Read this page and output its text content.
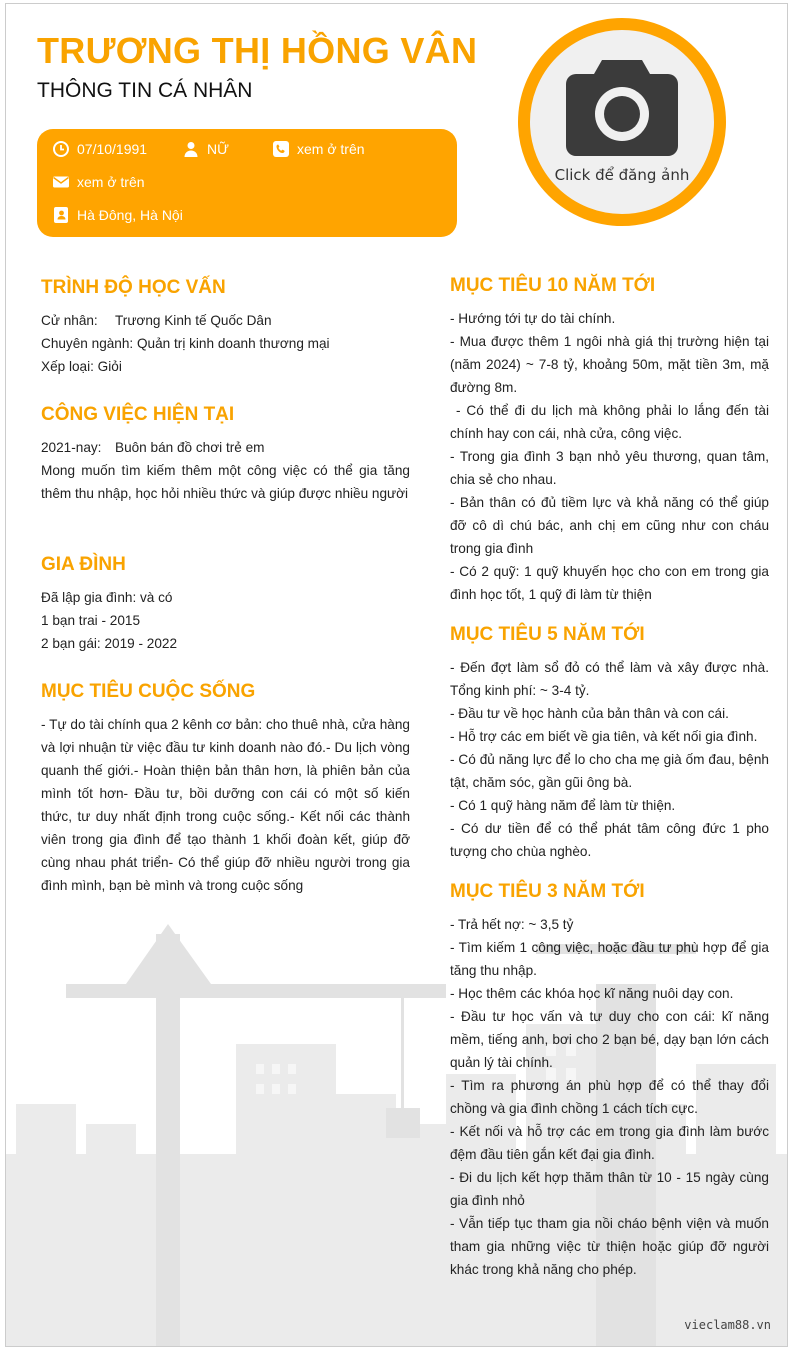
TRƯƠNG THỊ HỒNG VÂN
THÔNG TIN CÁ NHÂN
07/10/1991	NỮ	xem ở trên
xem ở trên
Hà Đông, Hà Nội
Click để đăng ảnh
TRÌNH ĐỘ HỌC VẤN
Cử nhân:	Trương Kinh tế Quốc Dân

Chuyên ngành: Quản trị kinh doanh thương mại

Xếp loại: Giỏi

CÔNG VIỆC HIỆN TẠI
2021-nay: Buôn bán đồ chơi trẻ em

Mong muốn tìm kiếm thêm một công việc có thể gia tăng thêm thu nhập, học hỏi nhiều thức và giúp được nhiều người

GIA ĐÌNH

Đã lập gia đình: và có

1 bạn trai - 2015

2 bạn gái: 2019 - 2022

MỤC TIÊU CUỘC SỐNG

- Tự do tài chính qua 2 kênh cơ bản: cho thuê nhà, cửa hàng và lợi nhuận từ việc đầu tư kinh doanh nào đó.- Du lịch vòng quanh thế giới.- Hoàn thiện bản thân hơn, là phiên bản của mình tốt hơn- Đầu tư, bồi dưỡng con cái có một số kiến thức, tư duy nhất định trong cuộc sống.- Kết nối các thành viên trong gia đình để tạo thành 1 khối đoàn kết, giúp đỡ cùng nhau phát triển- Có thể giúp đỡ nhiều người trong gia đình mình, bạn bè mình và trong cuộc sống

MỤC TIÊU 10 NĂM TỚI

- Hướng tới tự do tài chính.

- Mua được thêm 1 ngôi nhà giá thị trường hiện tại (năm 2024) ~ 7-8 tỷ, khoảng 50m, mặt tiền 3m, mặ đường 8m.

- Có thể đi du lịch mà không phải lo lắng đến tài chính hay con cái, nhà cửa, công việc.

- Trong gia đình 3 bạn nhỏ yêu thương, quan tâm, chia sẻ cho nhau.

- Bản thân có đủ tiềm lực và khả năng có thể giúp đỡ cô dì chú bác, anh chị em cũng như con cháu trong gia đình

- Có 2 quỹ: 1 quỹ khuyến học cho con em trong gia đình học tốt, 1 quỹ đi làm từ thiện

MỤC TIÊU 5 NĂM TỚI

- Đến đợt làm sổ đỏ có thể làm và xây được nhà. Tổng kinh phí: ~ 3-4 tỷ.

- Đầu tư về học hành của bản thân và con cái.

- Hỗ trợ các em biết về gia tiên, và kết nối gia đình.

- Có đủ năng lực để lo cho cha mẹ già ốm đau, bệnh tật, chăm sóc, gần gũi ông bà.

- Có 1 quỹ hàng năm để làm từ thiện.

- Có dư tiền để có thể phát tâm công đức 1 pho tượng cho chùa nghèo.

MỤC TIÊU 3 NĂM TỚI

- Trả hết nợ: ~ 3,5 tỷ

- Tìm kiếm 1 công việc, hoặc đầu tư phù hợp để gia tăng thu nhập.

- Học thêm các khóa học kĩ năng nuôi dạy con.

- Đầu tư học vấn và tư duy cho con cái: kĩ năng mềm, tiếng anh, bơi cho 2 bạn bé, dạy bạn lớn cách quản lý tài chính.

- Tìm ra phương án phù hợp để có thể thay đổi chồng và gia đình chồng 1 cách tích cực.

- Kết nối và hỗ trợ các em trong gia đình làm bước đệm đầu tiên gắn kết đại gia đình.

- Đi du lịch kết hợp thăm thân từ 10 - 15 ngày cùng gia đình nhỏ

- Vẫn tiếp tục tham gia nồi cháo bệnh viện và muốn tham gia những việc từ thiện hoặc giúp đỡ người khác trong khả năng cho phép.

vieclam88.vn
